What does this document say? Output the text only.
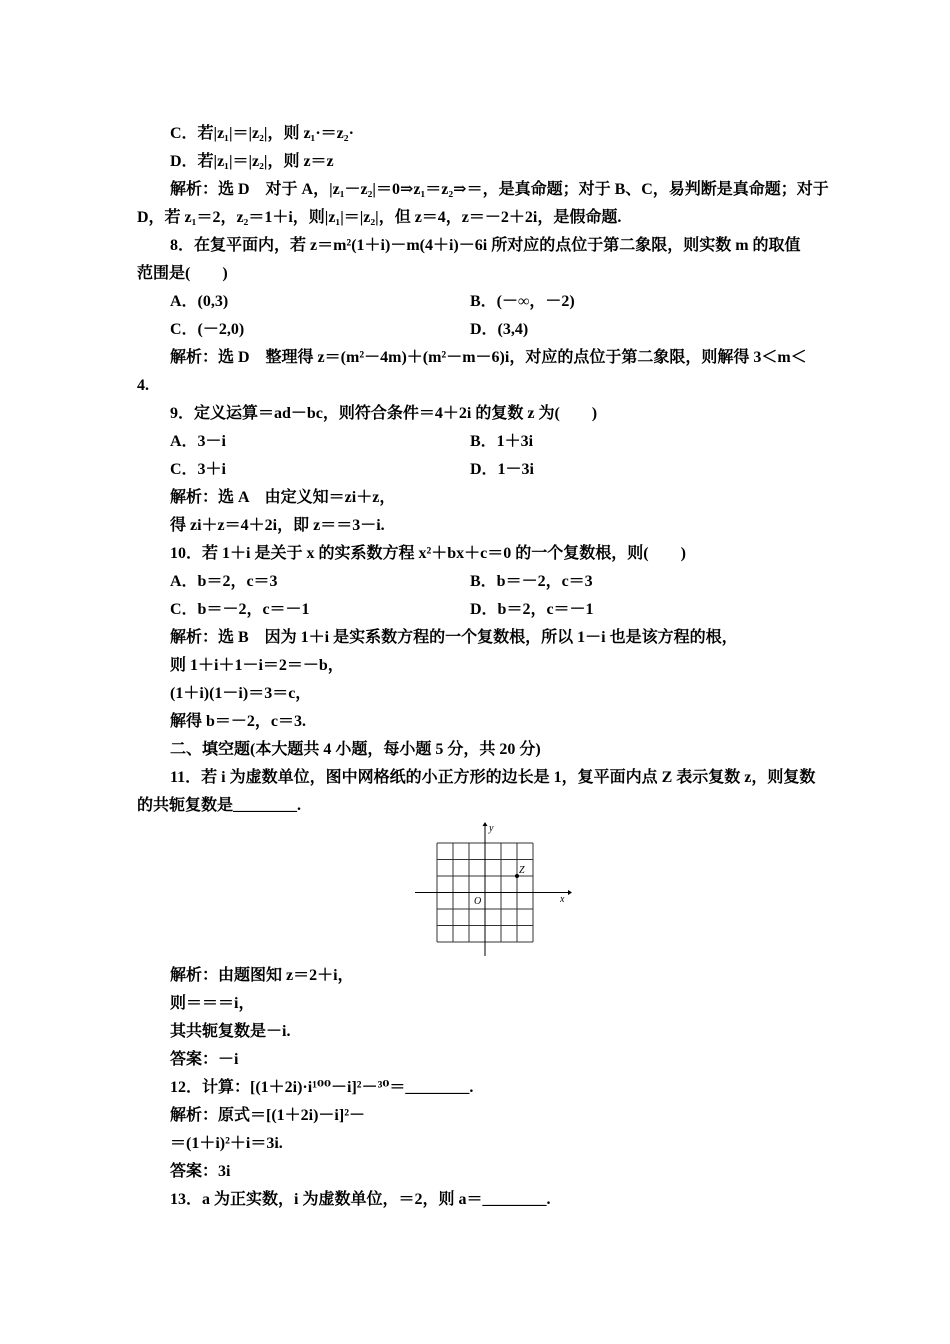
C．若|z₁|＝|z₂|，则 z₁·＝z₂·
D．若|z₁|＝|z₂|，则 z＝z
解析：选 D　对于 A，|z₁－z₂|＝0⇒z₁＝z₂⇒＝，是真命题；对于 B、C，易判断是真命题；对于
D，若 z₁＝2，z₂＝1＋i，则|z₁|＝|z₂|，但 z＝4，z＝－2＋2i，是假命题.
8．在复平面内，若 z＝m²(1＋i)－m(4＋i)－6i 所对应的点位于第二象限，则实数 m 的取值
范围是(　　)
A．(0,3)	B．(－∞，－2)
C．(－2,0)	D．(3,4)
解析：选 D　整理得 z＝(m²－4m)＋(m²－m－6)i，对应的点位于第二象限，则解得 3＜m＜
4.
9．定义运算＝ad－bc，则符合条件＝4＋2i 的复数 z 为(　　)
A．3－i	B．1＋3i
C．3＋i	D．1－3i
解析：选 A　由定义知＝zi＋z，
得 zi＋z＝4＋2i，即 z＝＝3－i.
10．若 1＋i 是关于 x 的实系数方程 x²＋bx＋c＝0 的一个复数根，则(　　)
A．b＝2，c＝3	B．b＝－2，c＝3
C．b＝－2，c＝－1	D．b＝2，c＝－1
解析：选 B　因为 1＋i 是实系数方程的一个复数根，所以 1－i 也是该方程的根，
则 1＋i＋1－i＝2＝－b，
(1＋i)(1－i)＝3＝c，
解得 b＝－2，c＝3.
二、填空题(本大题共 4 小题，每小题 5 分，共 20 分)
11．若 i 为虚数单位，图中网格纸的小正方形的边长是 1，复平面内点 Z 表示复数 z，则复数
的共轭复数是________.
y
x
O
Z
解析：由题图知 z＝2＋i，
则＝＝＝i，
其共轭复数是－i.
答案：－i
12．计算：[(1＋2i)·i¹⁰⁰－i]²－³⁰＝________.
解析：原式＝[(1＋2i)－i]²－
＝(1＋i)²＋i＝3i.
答案：3i
13．a 为正实数，i 为虚数单位，＝2，则 a＝________.
